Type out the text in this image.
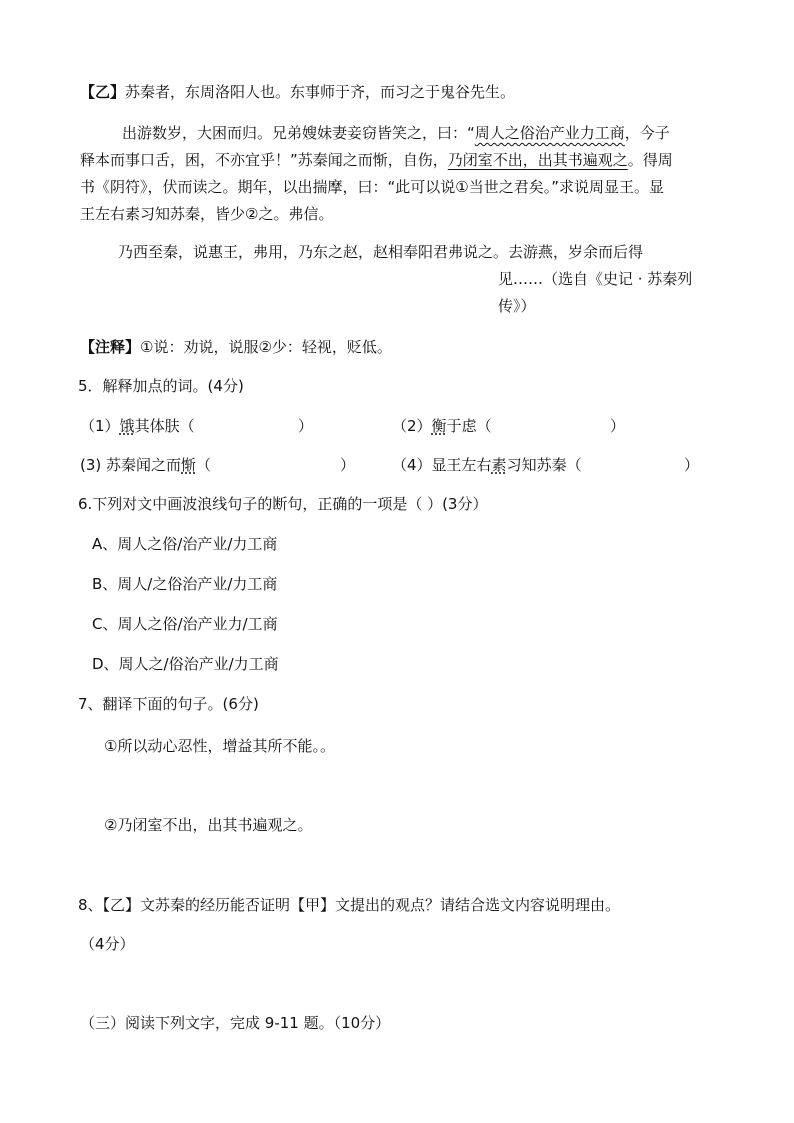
【乙】苏秦者，东周洛阳人也。东事师于齐，而习之于鬼谷先生。
出游数岁，大困而归。兄弟嫂妹妻妾窃皆笑之，曰：“周人之俗治产业力工商，今子
释本而事口舌，困，不亦宜乎！”苏秦闻之而惭，自伤，乃闭室不出，出其书遍观之。得周
书《阴符》，伏而读之。期年，以出揣摩，曰：“此可以说①当世之君矣。”求说周显王。显
王左右素习知苏秦，皆少②之。弗信。
乃西至秦，说惠王，弗用，乃东之赵，赵相奉阳君弗说之。去游燕，岁余而后得
见……（选自《史记 · 苏秦列
传》）
【注释】①说：劝说，说服②少：轻视，贬低。
5．解释加点的词。(4分)
（1）饿其体肤（	）	（2）衡于虑（	）
(3) 苏秦闻之而惭（	） （4）显王左右素习知苏秦（	）
6.下列对文中画波浪线句子的断句，正确的一项是（ ）(3分）
A、周人之俗/治产业/力工商
B、周人/之俗治产业/力工商
C、周人之俗/治产业力/工商
D、周人之/俗治产业/力工商
7、翻译下面的句子。(6分)
①所以动心忍性，增益其所不能。。
②乃闭室不出，出其书遍观之。
8、【乙】文苏秦的经历能否证明【甲】文提出的观点？请结合选文内容说明理由。
（4分）
（三）阅读下列文字，完成 9-11 题。（10分）
